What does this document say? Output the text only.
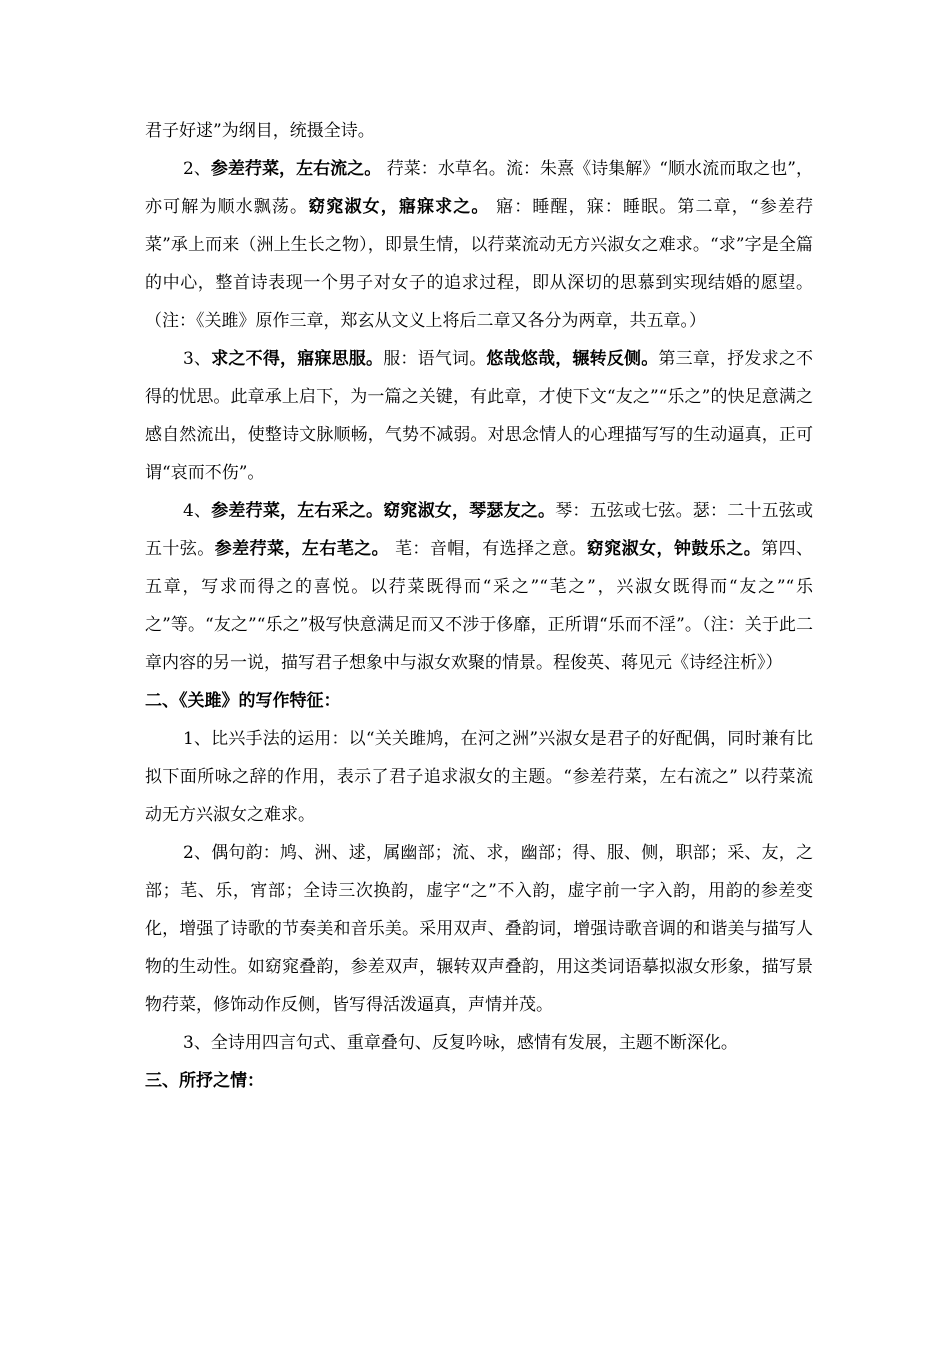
君子好逑”为纲目，统摄全诗。

2、参差荇菜，左右流之。 荇菜：水草名。流：朱熹《诗集解》“顺水流而取之也”，亦可解为顺水飘荡。窈窕淑女，寤寐求之。 寤：睡醒，寐：睡眠。第二章，“参差荇菜”承上而来（洲上生长之物），即景生情，以荇菜流动无方兴淑女之难求。“求”字是全篇的中心，整首诗表现一个男子对女子的追求过程，即从深切的思慕到实现结婚的愿望。（注：《关雎》原作三章，郑玄从文义上将后二章又各分为两章，共五章。）

3、求之不得，寤寐思服。服：语气词。悠哉悠哉，辗转反侧。第三章，抒发求之不得的忧思。此章承上启下，为一篇之关键，有此章，才使下文“友之”“乐之”的快足意满之感自然流出，使整诗文脉顺畅，气势不减弱。对思念情人的心理描写写的生动逼真，正可谓“哀而不伤”。

4、参差荇菜，左右采之。窈窕淑女，琴瑟友之。琴：五弦或七弦。瑟：二十五弦或五十弦。参差荇菜，左右芼之。 芼：音帽，有选择之意。窈窕淑女，钟鼓乐之。第四、五章，写求而得之的喜悦。以荇菜既得而“采之”“芼之”，兴淑女既得而“友之”“乐之”等。“友之”“乐之”极写快意满足而又不涉于侈靡，正所谓“乐而不淫”。（注：关于此二章内容的另一说，描写君子想象中与淑女欢聚的情景。程俊英、蒋见元《诗经注析》）

二、《关雎》的写作特征：

1、比兴手法的运用：以“关关雎鸠，在河之洲”兴淑女是君子的好配偶，同时兼有比拟下面所咏之辞的作用，表示了君子追求淑女的主题。“参差荇菜，左右流之” 以荇菜流动无方兴淑女之难求。

2、偶句韵：鸠、洲、逑，属幽部；流、求，幽部；得、服、侧，职部；采、友，之部；芼、乐，宵部；全诗三次换韵，虚字“之”不入韵，虚字前一字入韵，用韵的参差变化，增强了诗歌的节奏美和音乐美。采用双声、叠韵词，增强诗歌音调的和谐美与描写人物的生动性。如窈窕叠韵，参差双声，辗转双声叠韵，用这类词语摹拟淑女形象，描写景物荇菜，修饰动作反侧，皆写得活泼逼真，声情并茂。

3、全诗用四言句式、重章叠句、反复吟咏，感情有发展，主题不断深化。

三、所抒之情：
